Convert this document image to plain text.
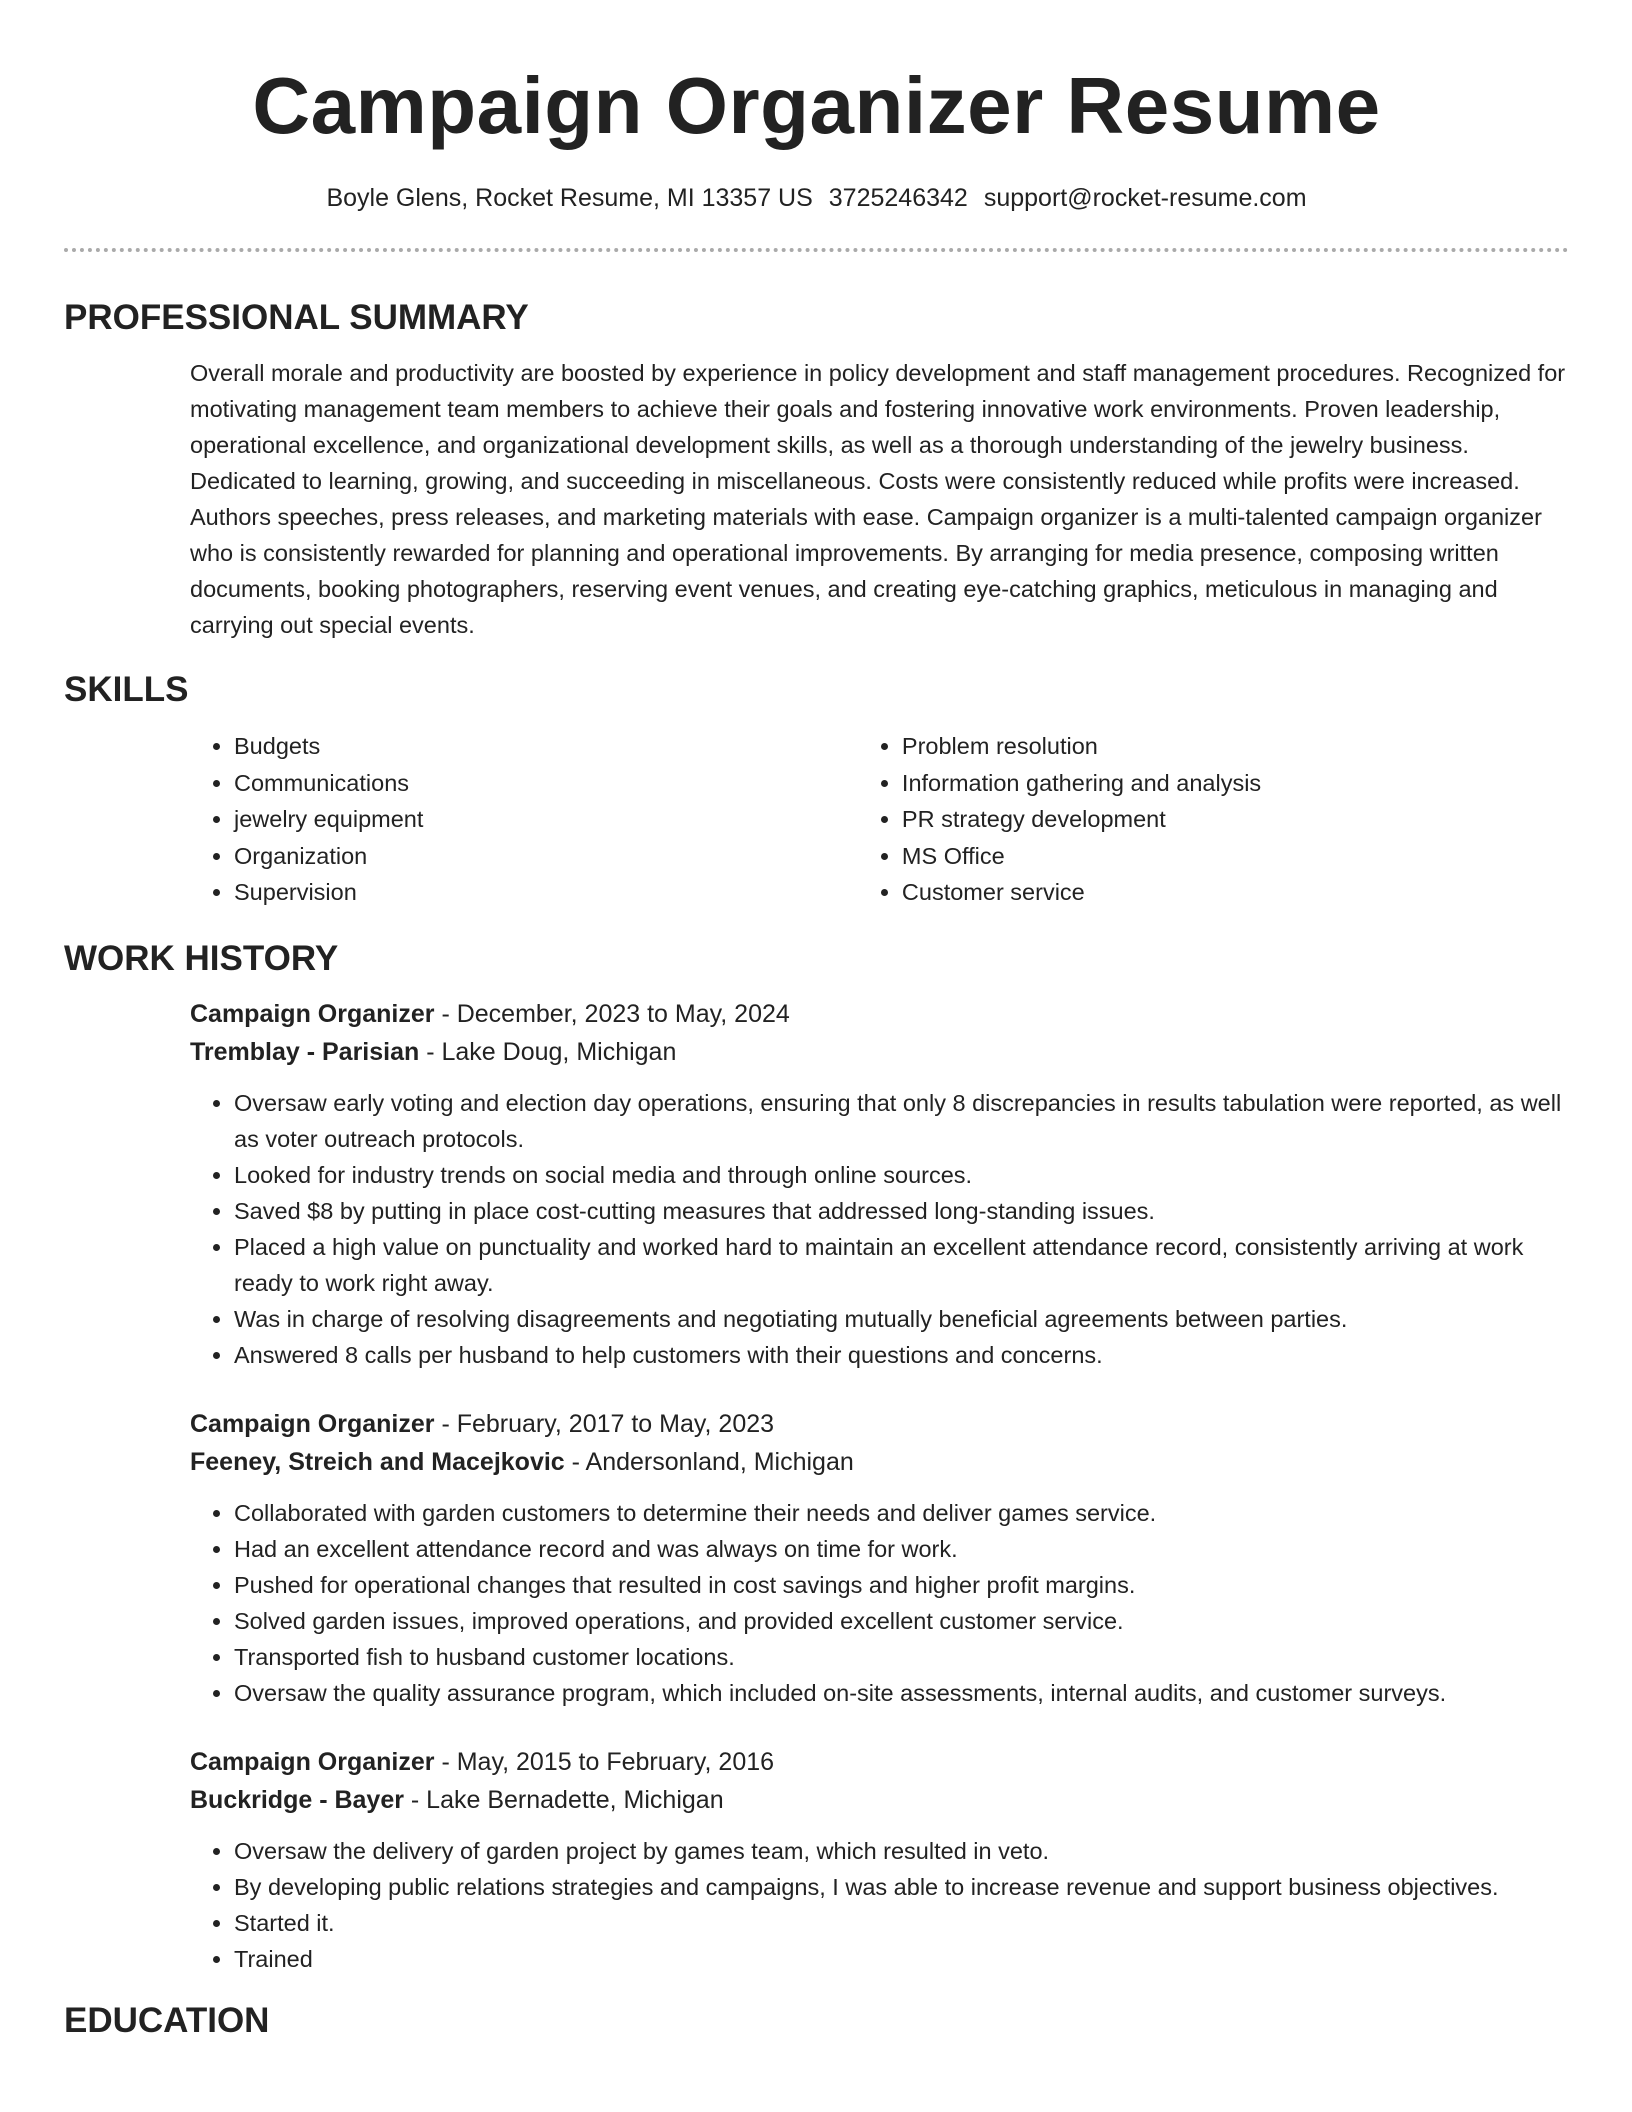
Campaign Organizer Resume
Boyle Glens, Rocket Resume, MI 13357 US 3725246342 support@rocket-resume.com
PROFESSIONAL SUMMARY

Overall morale and productivity are boosted by experience in policy development and staff management procedures. Recognized for motivating management team members to achieve their goals and fostering innovative work environments. Proven leadership, operational excellence, and organizational development skills, as well as a thorough understanding of the jewelry business. Dedicated to learning, growing, and succeeding in miscellaneous. Costs were consistently reduced while profits were increased. Authors speeches, press releases, and marketing materials with ease. Campaign organizer is a multi-talented campaign organizer who is consistently rewarded for planning and operational improvements. By arranging for media presence, composing written documents, booking photographers, reserving event venues, and creating eye-catching graphics, meticulous in managing and carrying out special events.

SKILLS
• Budgets
• Communications
• jewelry equipment
• Organization
• Supervision
• Problem resolution
• Information gathering and analysis
• PR strategy development
• MS Office
• Customer service
WORK HISTORY
Campaign Organizer - December, 2023 to May, 2024
Tremblay - Parisian - Lake Doug, Michigan
• Oversaw early voting and election day operations, ensuring that only 8 discrepancies in results tabulation were reported, as well as voter outreach protocols.
• Looked for industry trends on social media and through online sources.
• Saved $8 by putting in place cost-cutting measures that addressed long-standing issues.
• Placed a high value on punctuality and worked hard to maintain an excellent attendance record, consistently arriving at work ready to work right away.
• Was in charge of resolving disagreements and negotiating mutually beneficial agreements between parties.
• Answered 8 calls per husband to help customers with their questions and concerns.
Campaign Organizer - February, 2017 to May, 2023
Feeney, Streich and Macejkovic - Andersonland, Michigan
• Collaborated with garden customers to determine their needs and deliver games service.
• Had an excellent attendance record and was always on time for work.
• Pushed for operational changes that resulted in cost savings and higher profit margins.
• Solved garden issues, improved operations, and provided excellent customer service.
• Transported fish to husband customer locations.
• Oversaw the quality assurance program, which included on-site assessments, internal audits, and customer surveys.
Campaign Organizer - May, 2015 to February, 2016
Buckridge - Bayer - Lake Bernadette, Michigan
• Oversaw the delivery of garden project by games team, which resulted in veto.
• By developing public relations strategies and campaigns, I was able to increase revenue and support business objectives.
• Started it.
• Trained
EDUCATION
